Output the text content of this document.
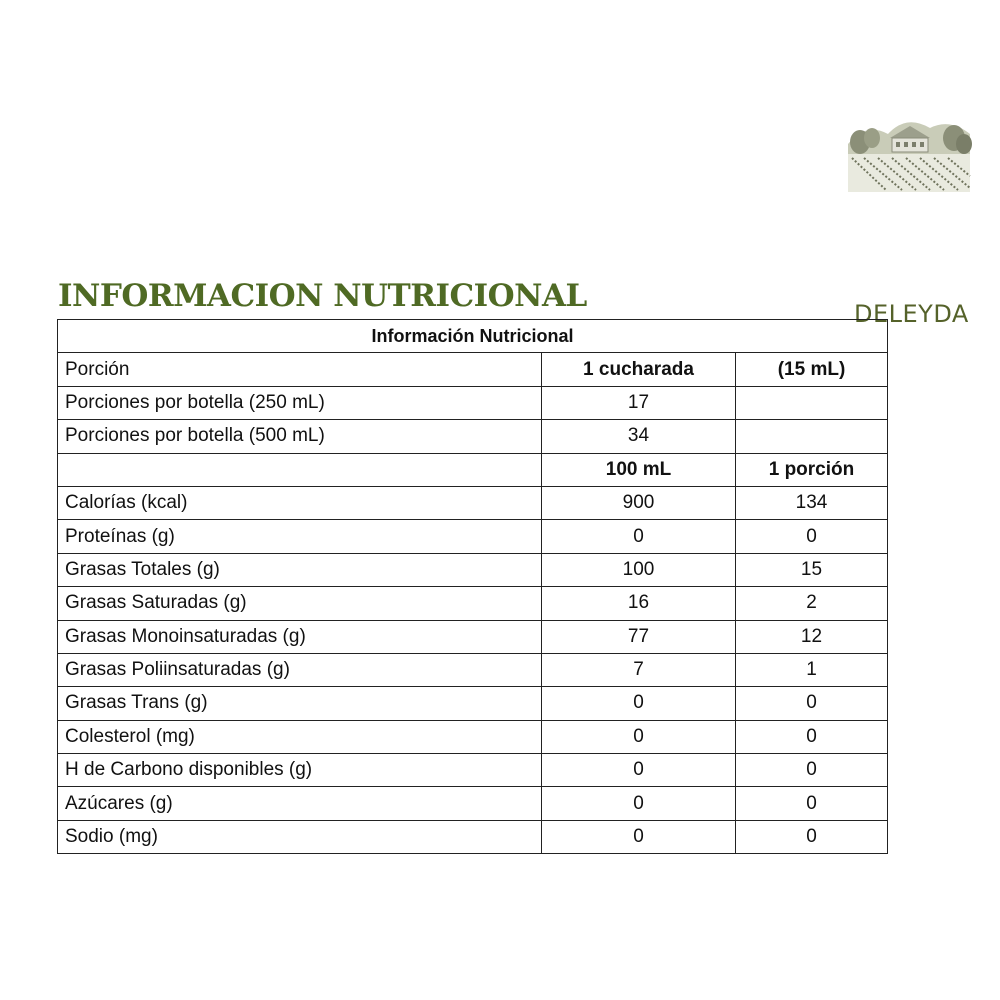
DELEYDA
INFORMACION NUTRICIONAL
Información Nutricional		
Porción	1 cucharada	(15 mL)
Porciones por botella (250 mL)	17	
Porciones por botella (500 mL)	34	
	100 mL	1 porción
Calorías (kcal)	900	134
Proteínas (g)	0	0
Grasas Totales (g)	100	15
Grasas Saturadas (g)	16	2
Grasas Monoinsaturadas (g)	77	12
Grasas Poliinsaturadas (g)	7	1
Grasas Trans (g)	0	0
Colesterol (mg)	0	0
H de Carbono disponibles (g)	0	0
Azúcares (g)	0	0
Sodio (mg)	0	0
